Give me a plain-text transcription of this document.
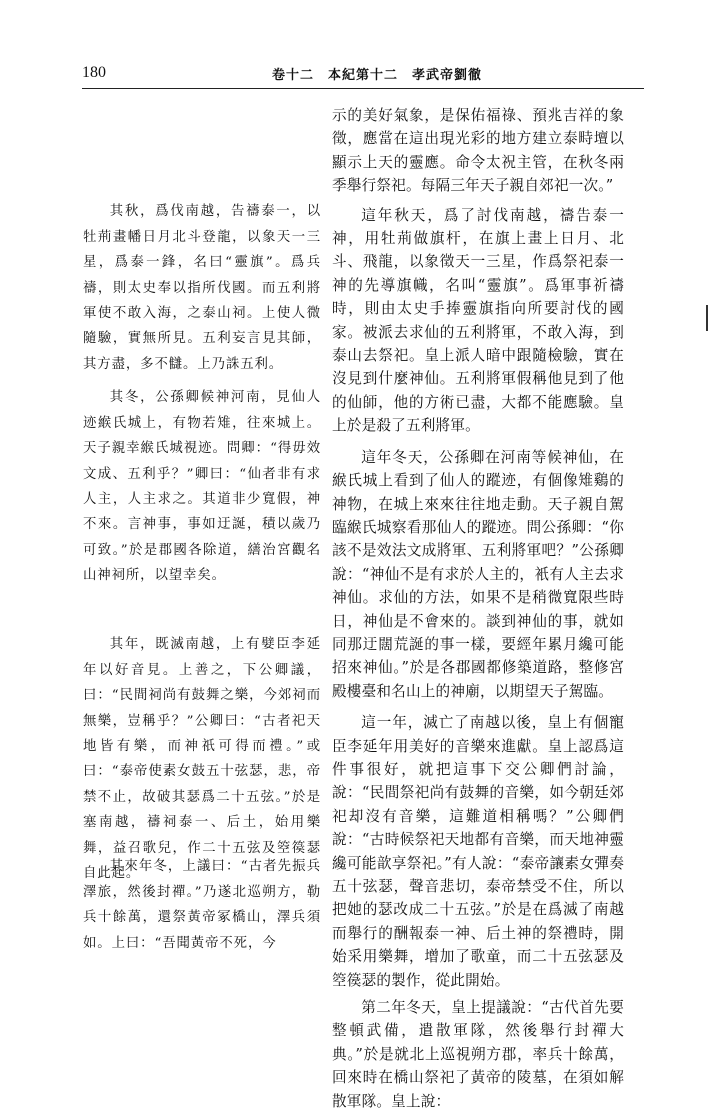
180	卷十二　本紀第十二　孝武帝劉徹

其秋，爲伐南越，告禱泰一，以牡荊畫幡日月北斗登龍，以象天一三星，爲泰一鋒，名曰“靈旗”。爲兵禱，則太史奉以指所伐國。而五利將軍使不敢入海，之泰山祠。上使人微隨驗，實無所見。五利妄言見其師，其方盡，多不讎。上乃誅五利。

其冬，公孫卿候神河南，見仙人迹緱氏城上，有物若雉，往來城上。天子親幸緱氏城視迹。問卿：“得毋效文成、五利乎？”卿曰：“仙者非有求人主，人主求之。其道非少寬假，神不來。言神事，事如迂誕，積以歲乃可致。”於是郡國各除道，繕治宮觀名山神祠所，以望幸矣。

其年，既滅南越，上有嬖臣李延年以好音見。上善之，下公卿議，曰：“民間祠尚有鼓舞之樂，今郊祠而無樂，豈稱乎？”公卿曰：“古者祀天地皆有樂，而神祇可得而禮。”或曰：“泰帝使素女鼓五十弦瑟，悲，帝禁不止，故破其瑟爲二十五弦。”於是塞南越，禱祠泰一、后土，始用樂舞，益召歌兒，作二十五弦及箜篌瑟自此起。

其來年冬，上議曰：“古者先振兵澤旅，然後封禪。”乃遂北巡朔方，勒兵十餘萬，還祭黃帝冢橋山，澤兵須如。上曰：“吾聞黃帝不死，今

示的美好氣象，是保佑福祿、預兆吉祥的象徵，應當在這出現光彩的地方建立泰畤壇以顯示上天的靈應。命令太祝主管，在秋冬兩季舉行祭祀。每隔三年天子親自郊祀一次。”

這年秋天，爲了討伐南越，禱告泰一神，用牡荊做旗杆，在旗上畫上日月、北斗、飛龍，以象徵天一三星，作爲祭祀泰一神的先導旗幟，名叫“靈旗”。爲軍事祈禱時，則由太史手捧靈旗指向所要討伐的國家。被派去求仙的五利將軍，不敢入海，到泰山去祭祀。皇上派人暗中跟隨檢驗，實在沒見到什麼神仙。五利將軍假稱他見到了他的仙師，他的方術已盡，大都不能應驗。皇上於是殺了五利將軍。

這年冬天，公孫卿在河南等候神仙，在緱氏城上看到了仙人的蹤迹，有個像雉鷄的神物，在城上來來往往地走動。天子親自駕臨緱氏城察看那仙人的蹤迹。問公孫卿：“你該不是效法文成將軍、五利將軍吧？”公孫卿說：“神仙不是有求於人主的，衹有人主去求神仙。求仙的方法，如果不是稍微寬限些時日，神仙是不會來的。談到神仙的事，就如同那迂闊荒誕的事一樣，要經年累月纔可能招來神仙。”於是各郡國都修築道路，整修宮殿樓臺和名山上的神廟，以期望天子駕臨。

這一年，滅亡了南越以後，皇上有個寵臣李延年用美好的音樂來進獻。皇上認爲這件事很好，就把這事下交公卿們討論，說：“民間祭祀尚有鼓舞的音樂，如今朝廷郊祀却沒有音樂，這難道相稱嗎？”公卿們說：“古時候祭祀天地都有音樂，而天地神靈纔可能歆享祭祀。”有人說：“泰帝讓素女彈奏五十弦瑟，聲音悲切，泰帝禁受不住，所以把她的瑟改成二十五弦。”於是在爲滅了南越而舉行的酬報泰一神、后土神的祭禮時，開始采用樂舞，增加了歌童，而二十五弦瑟及箜篌瑟的製作，從此開始。

第二年冬天，皇上提議說：“古代首先要整頓武備，遣散軍隊，然後舉行封禪大典。”於是就北上巡視朔方郡，率兵十餘萬，回來時在橋山祭祀了黃帝的陵墓，在須如解散軍隊。皇上說：
